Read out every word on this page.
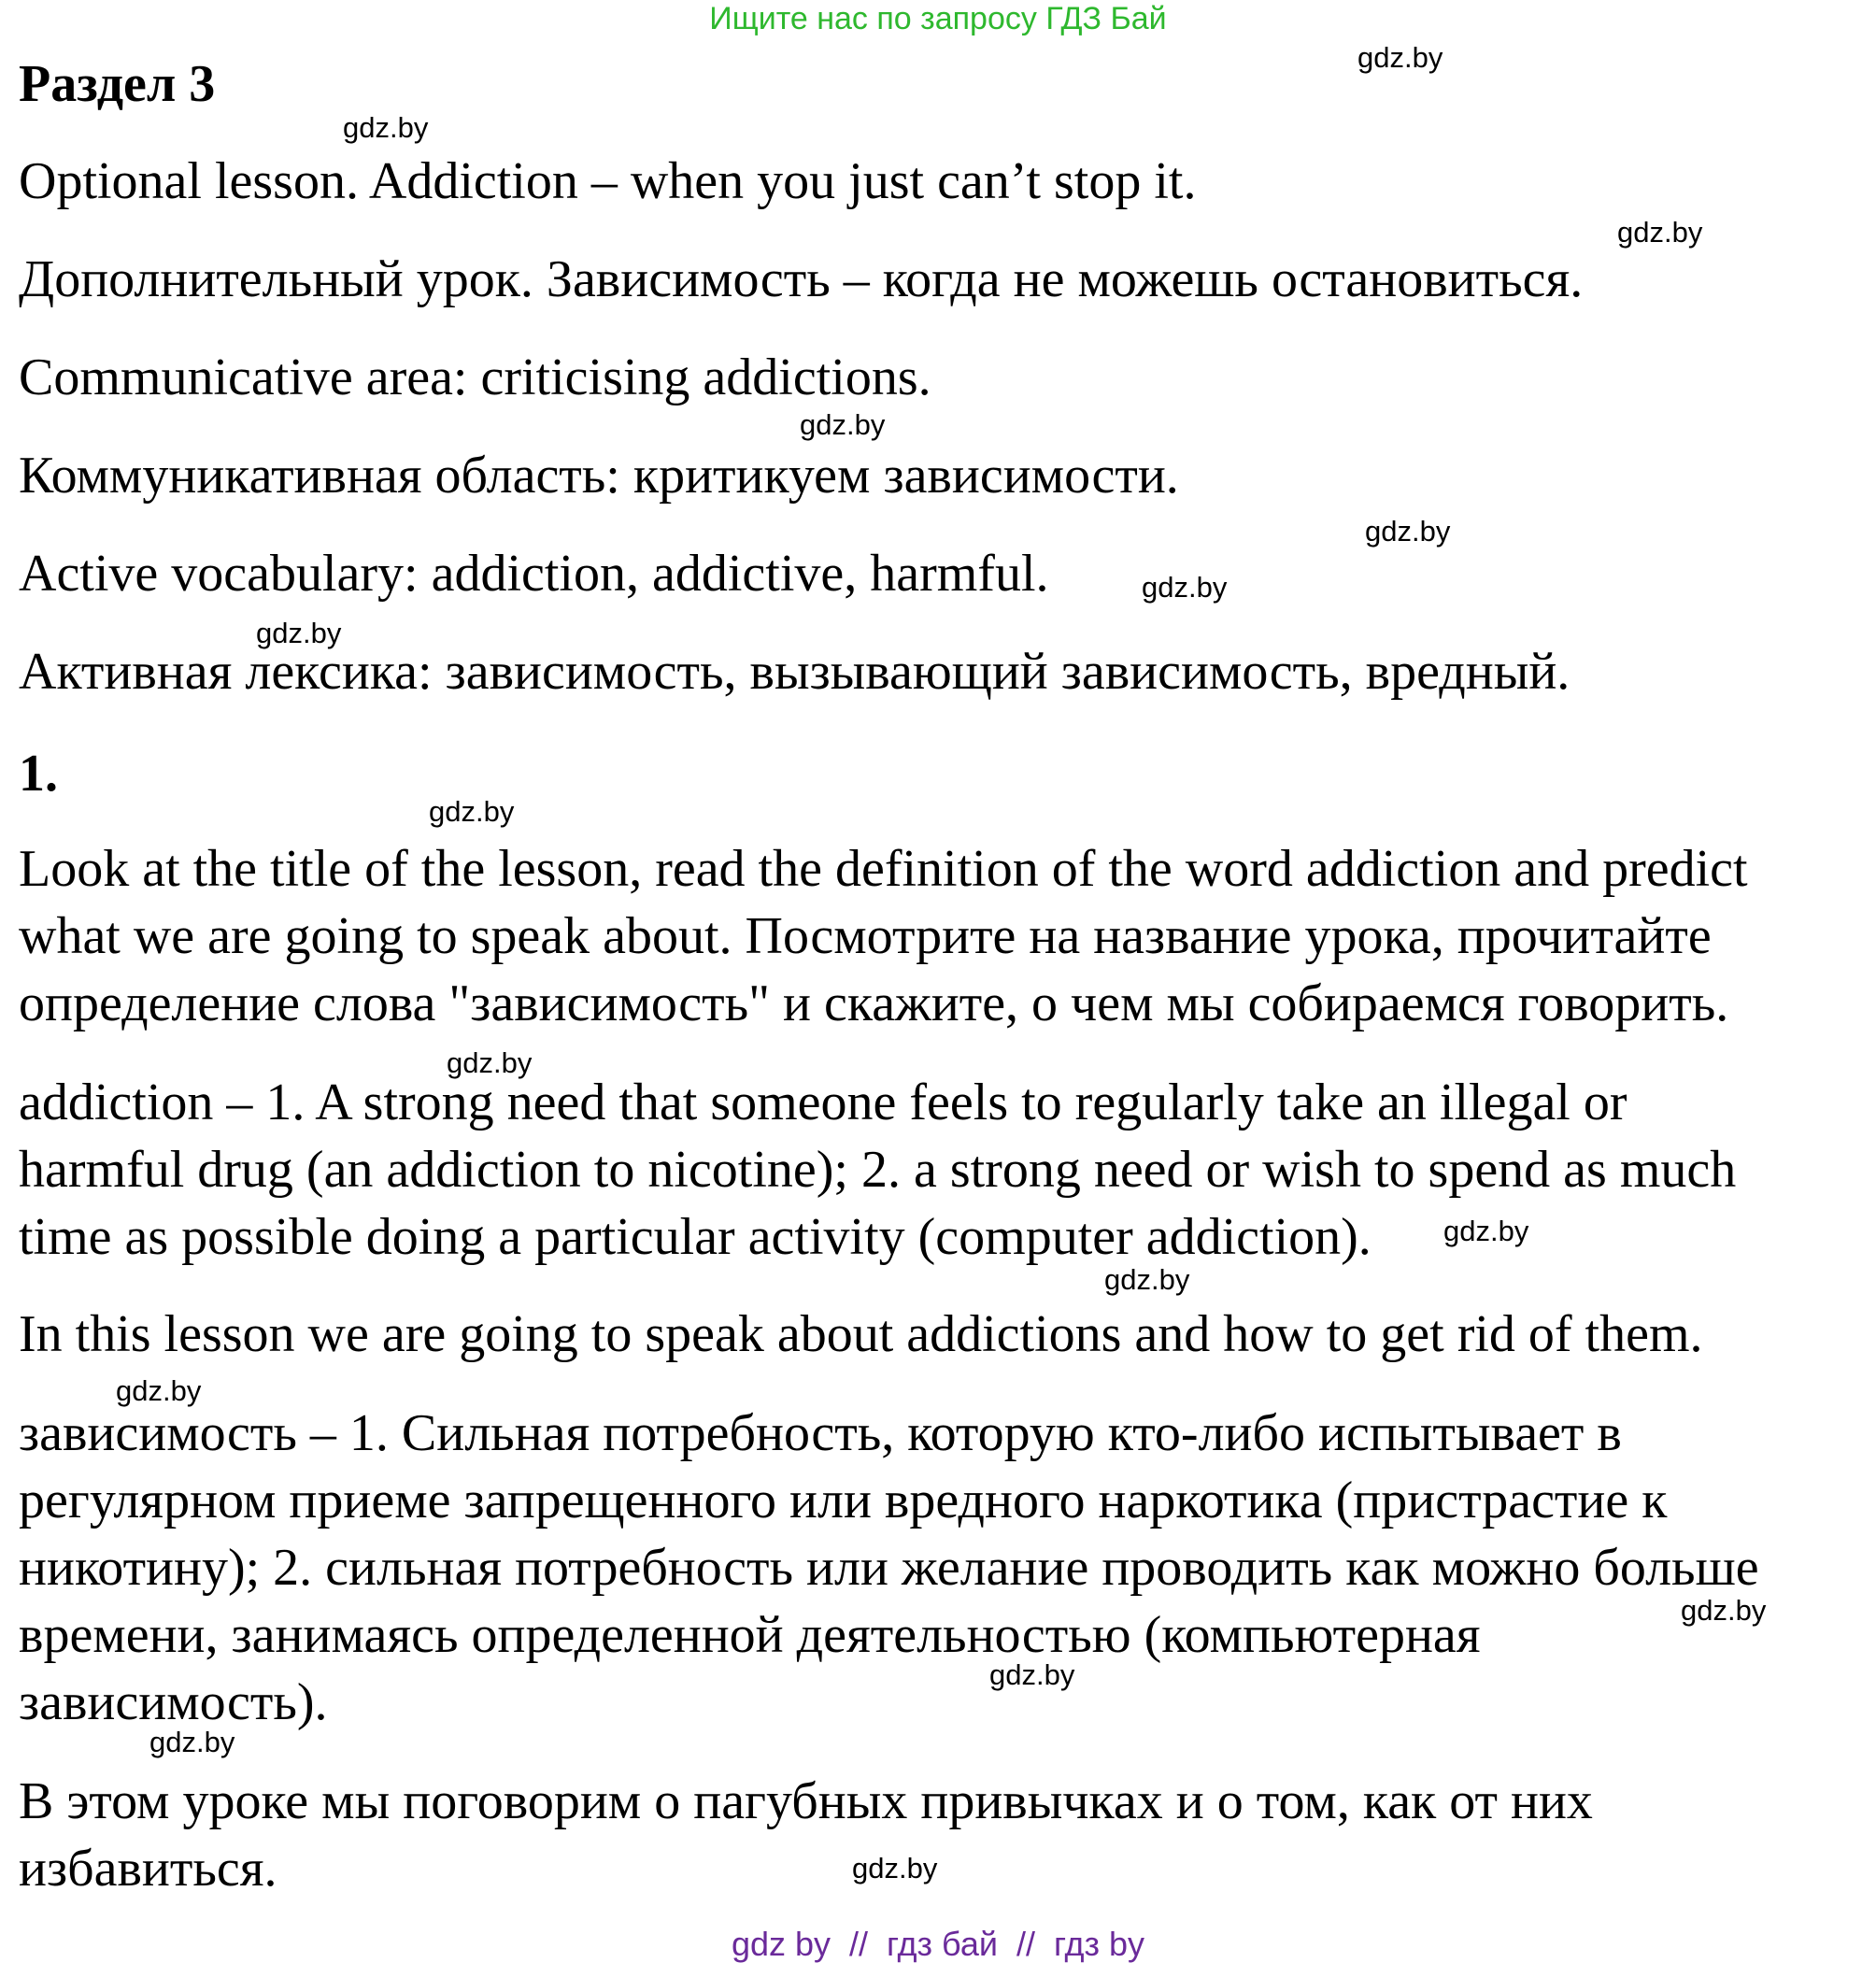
Ищите нас по запросу ГДЗ Бай
Раздел 3
Optional lesson. Addiction – when you just can’t stop it.
Дополнительный урок. Зависимость – когда не можешь остановиться.
Communicative area: criticising addictions.
Коммуникативная область: критикуем зависимости.
Active vocabulary: addiction, addictive, harmful.
Активная лексика: зависимость, вызывающий зависимость, вредный.
1.
Look at the title of the lesson, read the definition of the word addiction and predict
what we are going to speak about. Посмотрите на название урока, прочитайте
определение слова "зависимость" и скажите, о чем мы собираемся говорить.
addiction – 1. A strong need that someone feels to regularly take an illegal or
harmful drug (an addiction to nicotine); 2. a strong need or wish to spend as much
time as possible doing a particular activity (computer addiction).
In this lesson we are going to speak about addictions and how to get rid of them.
зависимость – 1. Сильная потребность, которую кто-либо испытывает в
регулярном приеме запрещенного или вредного наркотика (пристрастие к
никотину); 2. сильная потребность или желание проводить как можно больше
времени, занимаясь определенной деятельностью (компьютерная
зависимость).
В этом уроке мы поговорим о пагубных привычках и о том, как от них
избавиться.
gdz.by
gdz.by
gdz.by
gdz.by
gdz.by
gdz.by
gdz.by
gdz.by
gdz.by
gdz.by
gdz.by
gdz.by
gdz.by
gdz.by
gdz.by
gdz.by
gdz by  //  гдз бай  //  гдз by
